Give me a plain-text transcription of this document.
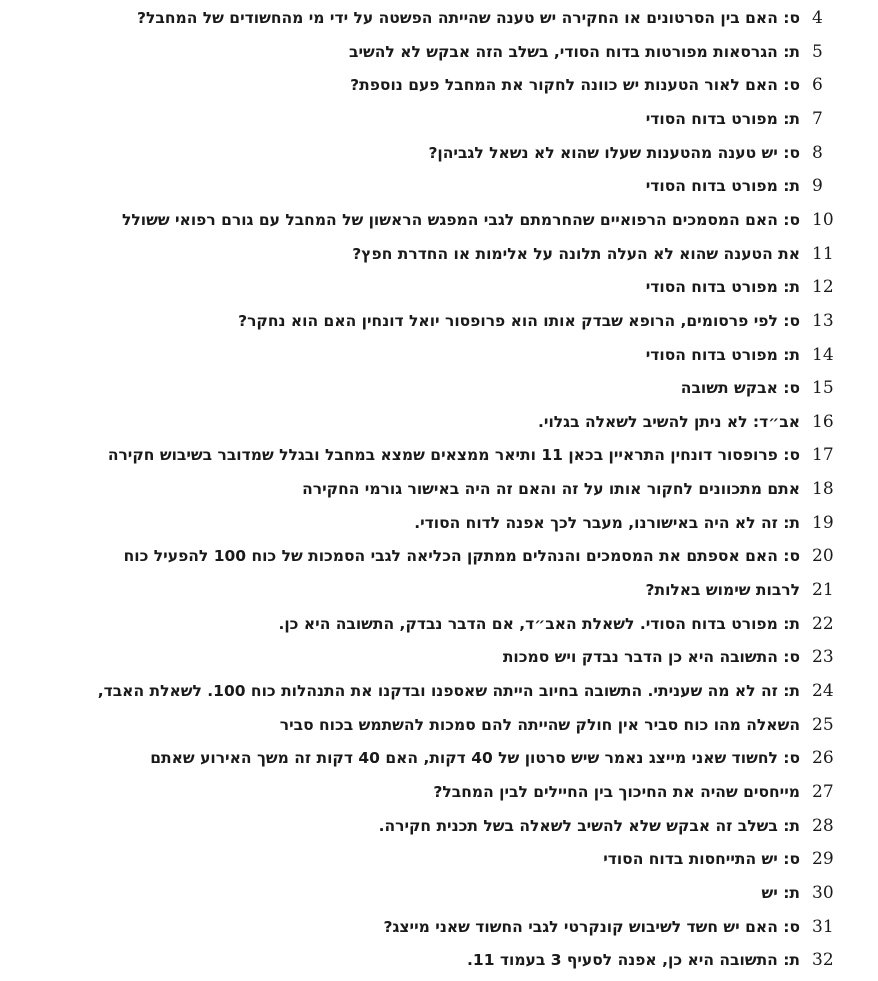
ס: האם בין הסרטונים או החקירה יש טענה שהייתה הפשטה על ידי מי מהחשודים של המחבל? 4
ת: הגרסאות מפורטות בדוח הסודי, בשלב הזה אבקש לא להשיב 5
ס: האם לאור הטענות יש כוונה לחקור את המחבל פעם נוספת? 6
ת: מפורט בדוח הסודי 7
ס: יש טענה מהטענות שעלו שהוא לא נשאל לגביהן? 8
ת: מפורט בדוח הסודי 9
ס: האם המסמכים הרפואיים שהחרמתם לגבי המפגש הראשון של המחבל עם גורם רפואי ששולל 10
את הטענה שהוא לא העלה תלונה על אלימות או החדרת חפץ? 11
ת: מפורט בדוח הסודי 12
ס: לפי פרסומים, הרופא שבדק אותו הוא פרופסור יואל דונחין האם הוא נחקר? 13
ת: מפורט בדוח הסודי 14
ס: אבקש תשובה 15
אב״ד: לא ניתן להשיב לשאלה בגלוי. 16
ס: פרופסור דונחין התראיין בכאן 11 ותיאר ממצאים שמצא במחבל ובגלל שמדובר בשיבוש חקירה 17
אתם מתכוונים לחקור אותו על זה והאם זה היה באישור גורמי החקירה 18
ת: זה לא היה באישורנו, מעבר לכך אפנה לדוח הסודי. 19
ס: האם אספתם את המסמכים והנהלים ממתקן הכליאה לגבי הסמכות של כוח 100 להפעיל כוח 20
לרבות שימוש באלות? 21
ת: מפורט בדוח הסודי. לשאלת האב״ד, אם הדבר נבדק, התשובה היא כן. 22
ס: התשובה היא כן הדבר נבדק ויש סמכות 23
ת: זה לא מה שעניתי. התשובה בחיוב הייתה שאספנו ובדקנו את התנהלות כוח 100. לשאלת האבד, 24
השאלה מהו כוח סביר אין חולק שהייתה להם סמכות להשתמש בכוח סביר 25
ס: לחשוד שאני מייצג נאמר שיש סרטון של 40 דקות, האם 40 דקות זה משך האירוע שאתם 26
מייחסים שהיה את החיכוך בין החיילים לבין המחבל? 27
ת: בשלב זה אבקש שלא להשיב לשאלה בשל תכנית חקירה. 28
ס: יש התייחסות בדוח הסודי 29
ת: יש 30
ס: האם יש חשד לשיבוש קונקרטי לגבי החשוד שאני מייצג? 31
ת: התשובה היא כן, אפנה לסעיף 3 בעמוד 11. 32
